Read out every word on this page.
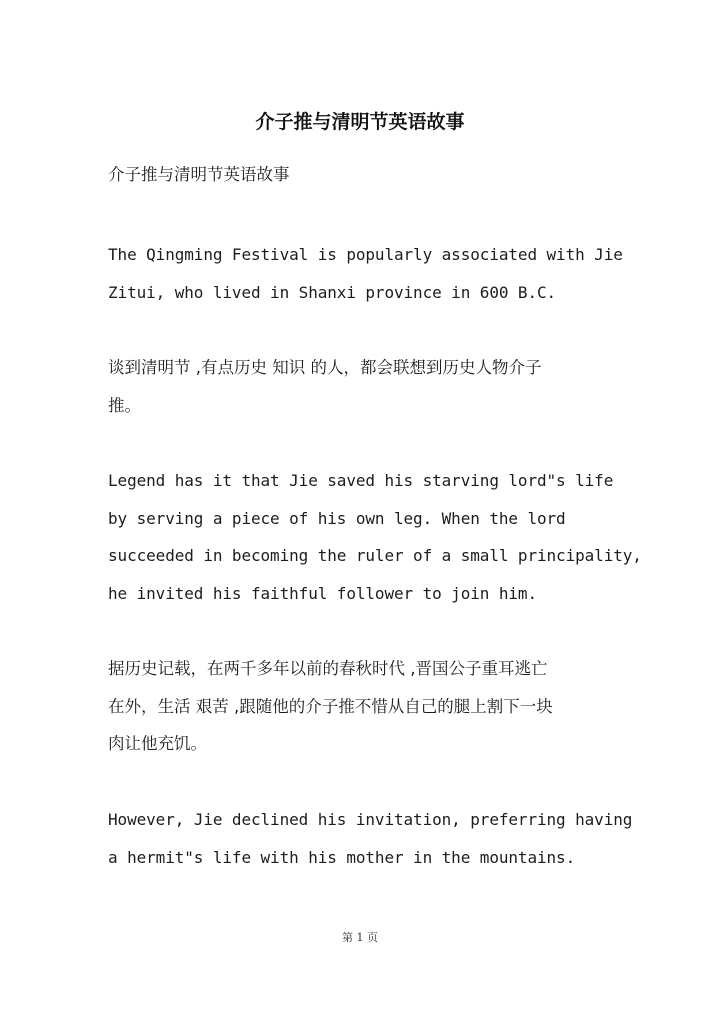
介子推与清明节英语故事

介子推与清明节英语故事

The Qingming Festival is popularly associated with Jie
Zitui, who lived in Shanxi province in 600 B.C.

谈到清明节 ,有点历史 知识 的人，都会联想到历史人物介子
推。

Legend has it that Jie saved his starving lord"s life
by serving a piece of his own leg. When the lord
succeeded in becoming the ruler of a small principality,
he invited his faithful follower to join him.

据历史记载，在两千多年以前的春秋时代 ,晋国公子重耳逃亡
在外，生活 艰苦 ,跟随他的介子推不惜从自己的腿上割下一块
肉让他充饥。

However, Jie declined his invitation, preferring having
a hermit"s life with his mother in the mountains.

第 1 页
